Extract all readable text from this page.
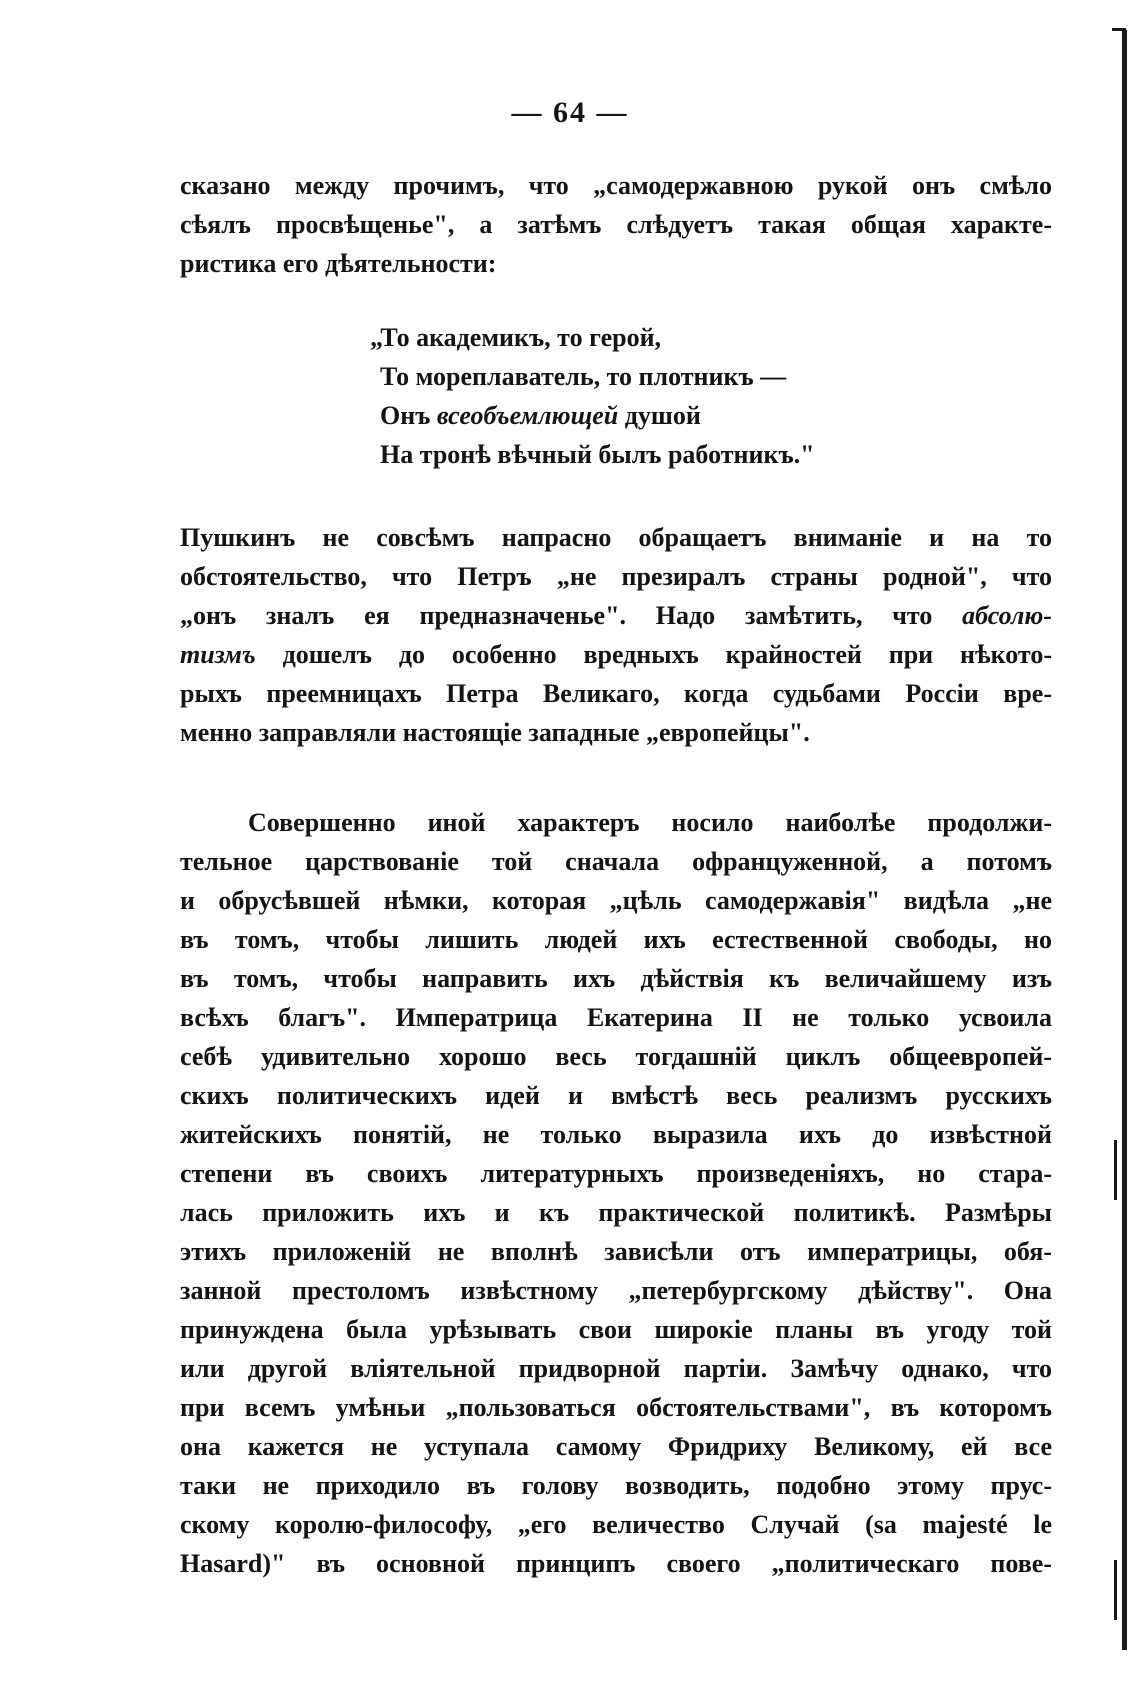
— 64 —
сказано между прочимъ, что „самодержавною рукой онъ смѣло
сѣялъ просвѣщенье", а затѣмъ слѣдуетъ такая общая характе-
ристика его дѣятельности:
„То академикъ, то герой,
То мореплаватель, то плотникъ —
Онъ всеобъемлющей душой
На тронѣ вѣчный былъ работникъ."
Пушкинъ не совсѣмъ напрасно обращаетъ вниманіе и на то
обстоятельство, что Петръ „не презиралъ страны родной", что
„онъ зналъ ея предназначенье". Надо замѣтить, что абсолю-
тизмъ дошелъ до особенно вредныхъ крайностей при нѣкото-
рыхъ преемницахъ Петра Великаго, когда судьбами Россіи вре-
менно заправляли настоящіе западные „европейцы".
Совершенно иной характеръ носило наиболѣе продолжи-
тельное царствованіе той сначала офранцуженной, а потомъ
и обрусѣвшей нѣмки, которая „цѣль самодержавія" видѣла „не
въ томъ, чтобы лишить людей ихъ естественной свободы, но
въ томъ, чтобы направить ихъ дѣйствія къ величайшему изъ
всѣхъ благъ". Императрица Екатерина II не только усвоила
себѣ удивительно хорошо весь тогдашній циклъ общеевропей-
скихъ политическихъ идей и вмѣстѣ весь реализмъ русскихъ
житейскихъ понятій, не только выразила ихъ до извѣстной
степени въ своихъ литературныхъ произведеніяхъ, но стара-
лась приложить ихъ и къ практической политикѣ. Размѣры
этихъ приложеній не вполнѣ зависѣли отъ императрицы, обя-
занной престоломъ извѣстному „петербургскому дѣйству". Она
принуждена была урѣзывать свои широкіе планы въ угоду той
или другой вліятельной придворной партіи. Замѣчу однако, что
при всемъ умѣньи „пользоваться обстоятельствами", въ которомъ
она кажется не уступала самому Фридриху Великому, ей все
таки не приходило въ голову возводить, подобно этому прус-
скому королю-философу, „его величество Случай (sa majesté le
Hasard)" въ основной принципъ своего „политическаго пове-
